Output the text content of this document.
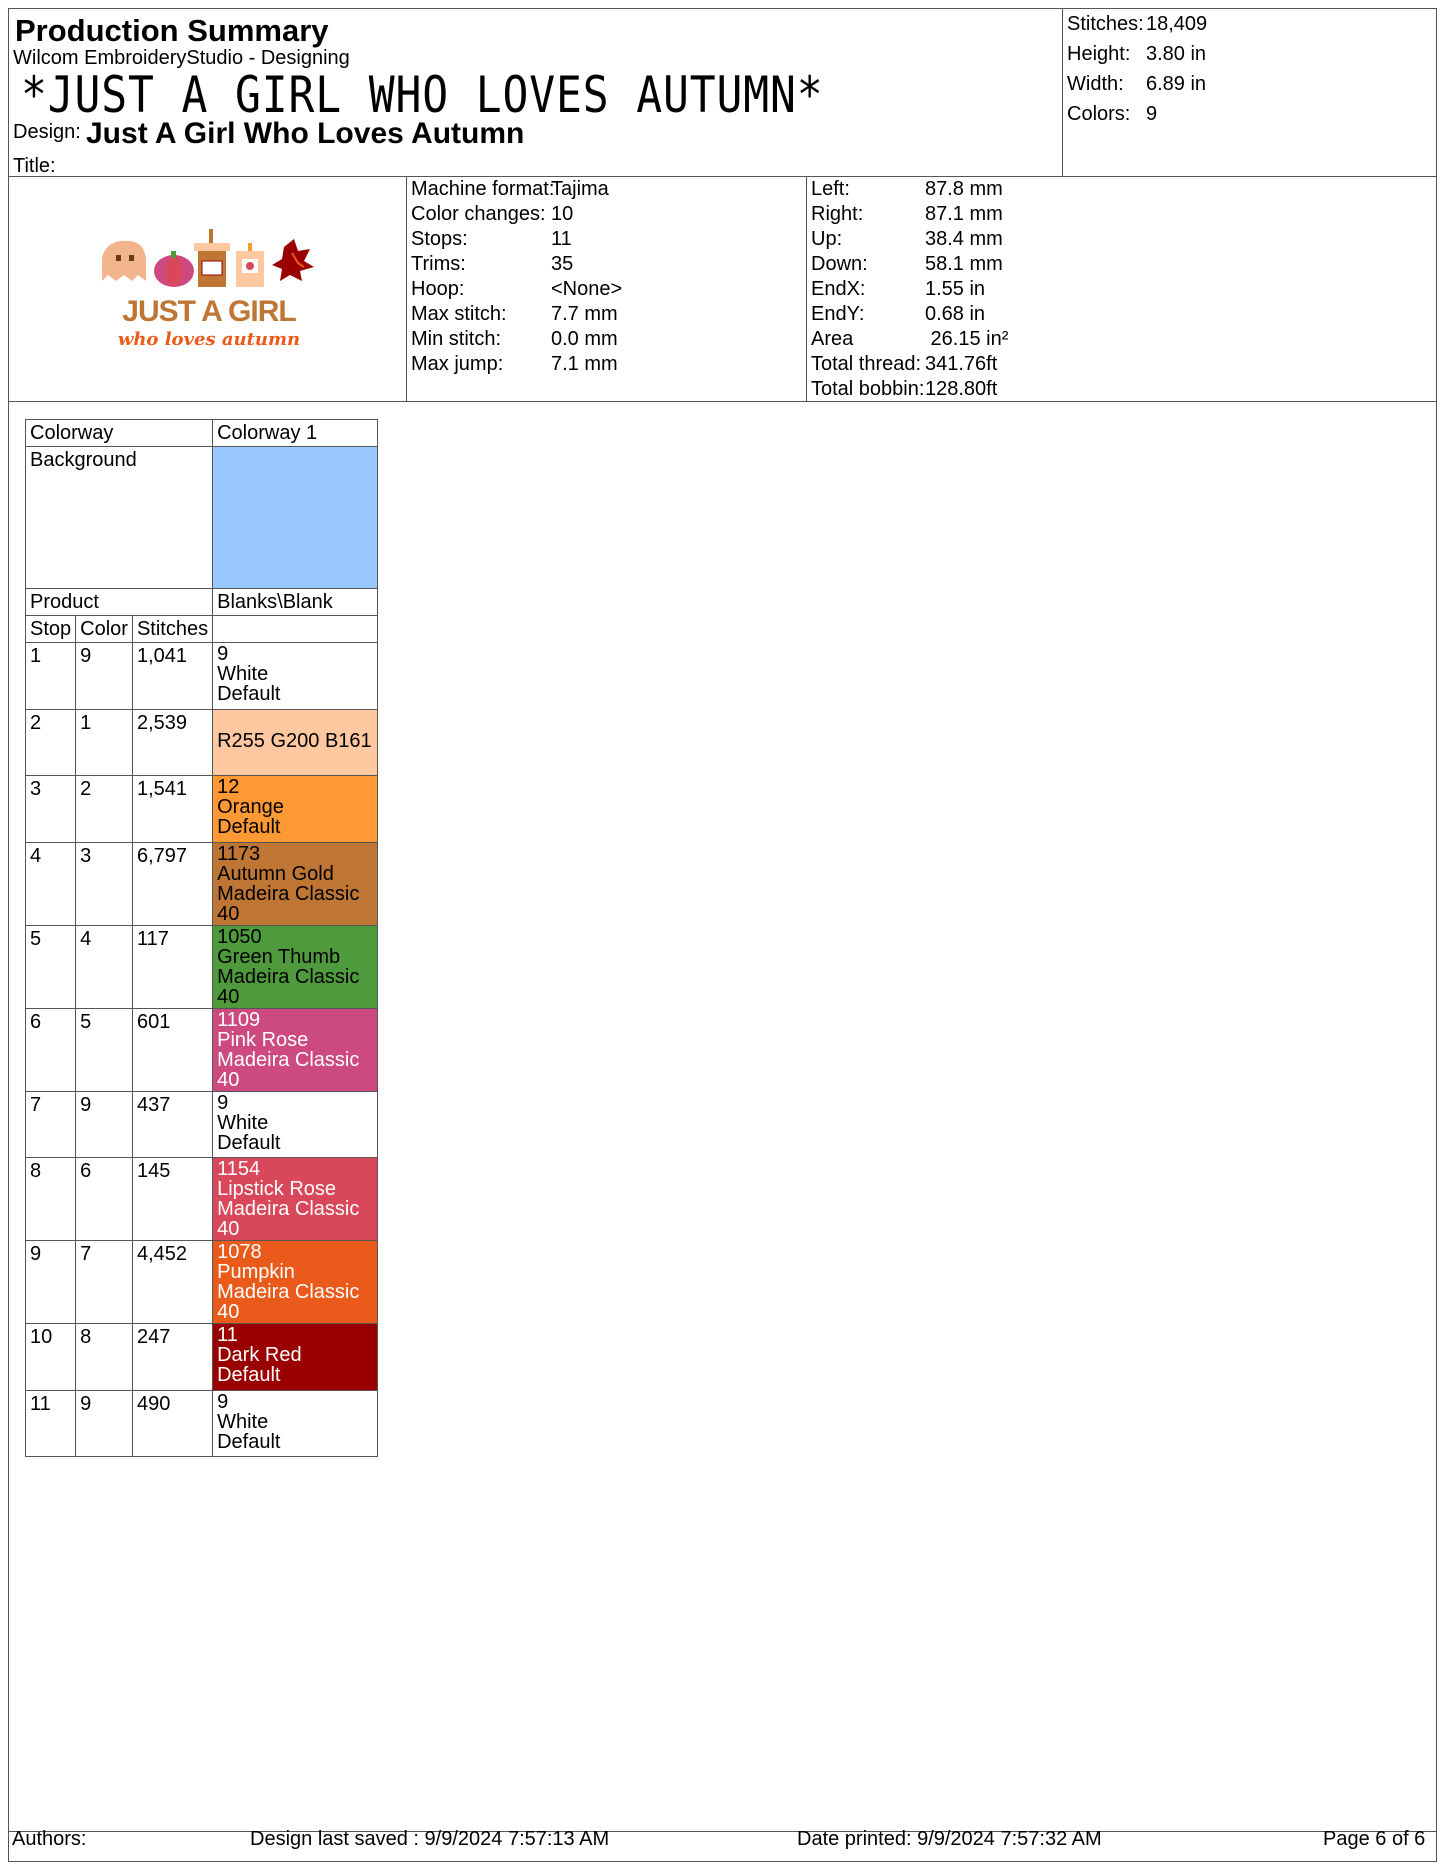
Production Summary
Wilcom EmbroideryStudio - Designing
*JUST A GIRL WHO LOVES AUTUMN*
Design: Just A Girl Who Loves Autumn
Title:
Stitches: 18,409
Height: 3.80 in
Width: 6.89 in
Colors: 9
JUST A GIRL
who loves autumn
Machine format:Tajima
Color changes: 10
Stops:	11
Trims:	35
Hoop:	<None>
Max stitch: 7.7 mm
Min stitch: 0.0 mm
Max jump: 7.1 mm
Left:	87.8 mm
Right:	87.1 mm
Up:	38.4 mm
Down:	58.1 mm
EndX:	1.55 in
EndY:	0.68 in
Area	26.15 in²
Total thread: 341.76ft
Total bobbin:128.80ft
Colorway			Colorway 1
Background			
Product			Blanks\Blank
Stop	Color	Stitches	
1	9	1,041	9
White
Default

2	1	2,539	R255 G200 B161

3	2	1,541	12
Orange
Default

4	3	6,797	1173
Autumn Gold
Madeira Classic 40

5	4	117	1050
Green Thumb
Madeira Classic 40

6	5	601	1109
Pink Rose
Madeira Classic 40

7	9	437	9
White
Default

8	6	145	1154
Lipstick Rose
Madeira Classic 40

9	7	4,452	1078
Pumpkin
Madeira Classic 40

10	8	247	11
Dark Red
Default

11	9	490	9
White
Default
Authors:	Design last saved : 9/9/2024 7:57:13 AM	Date printed: 9/9/2024 7:57:32 AM	Page 6 of 6
